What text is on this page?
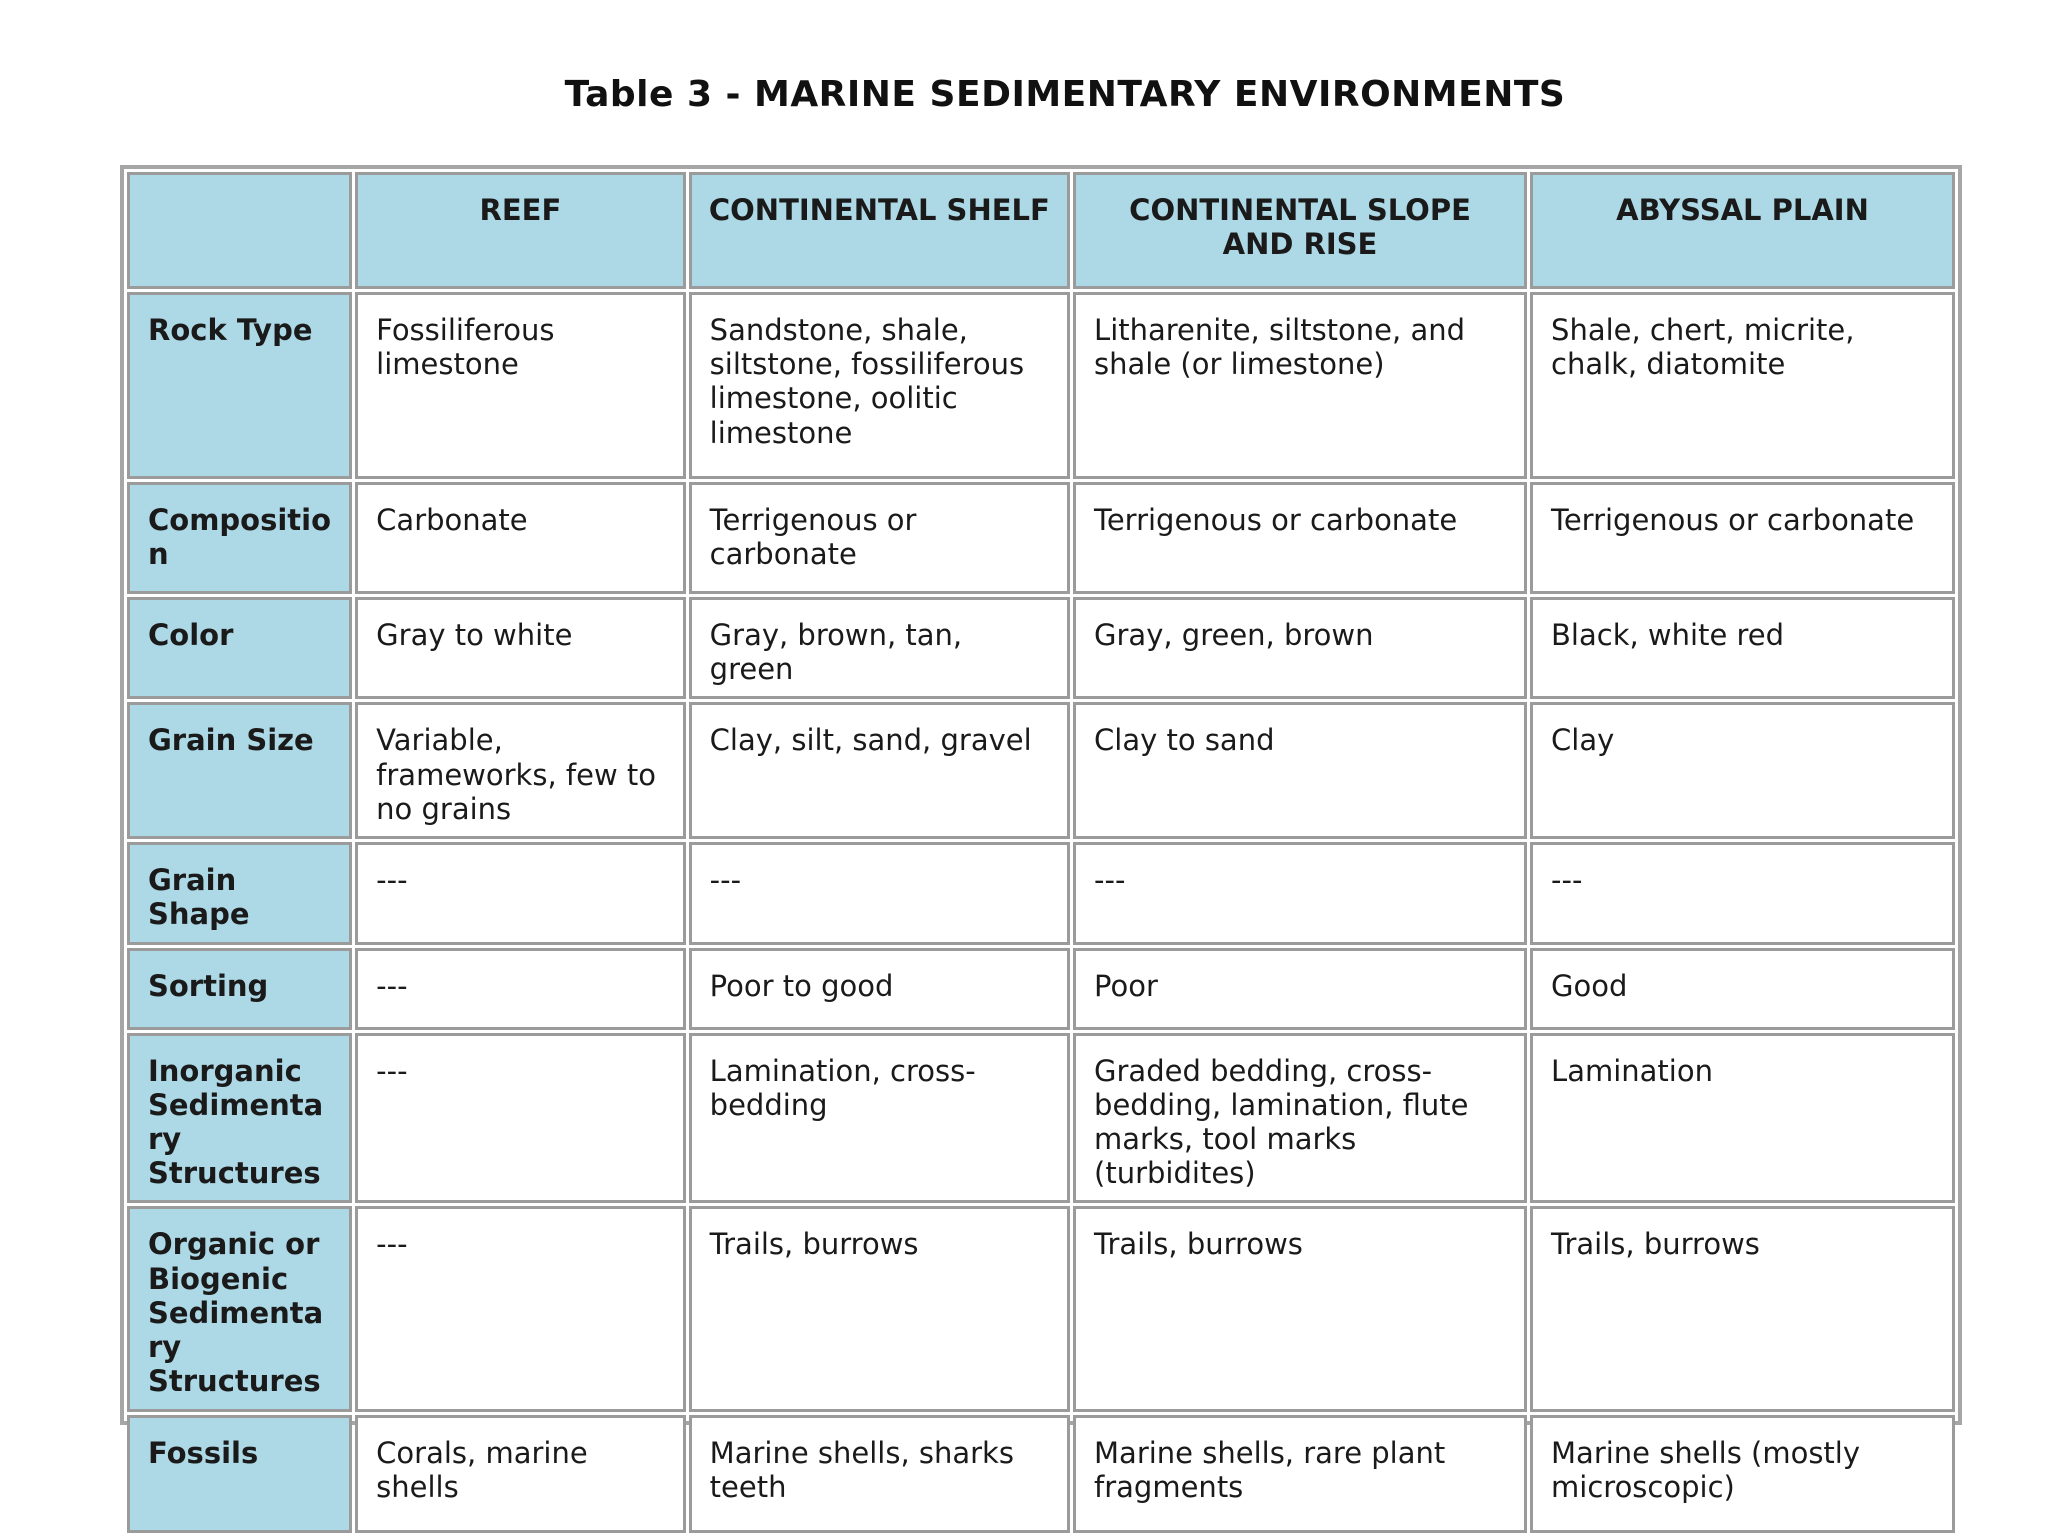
Table 3 - MARINE SEDIMENTARY ENVIRONMENTS
	REEF	CONTINENTAL SHELF	CONTINENTAL SLOPE AND RISE	ABYSSAL PLAIN
Rock Type	Fossiliferous limestone	Sandstone, shale, siltstone, fossiliferous limestone, oolitic limestone	Litharenite, siltstone, and shale (or limestone)	Shale, chert, micrite, chalk, diatomite
Composition	Carbonate	Terrigenous or carbonate	Terrigenous or carbonate	Terrigenous or carbonate
Color	Gray to white	Gray, brown, tan, green	Gray, green, brown	Black, white red
Grain Size	Variable, frameworks, few to no grains	Clay, silt, sand, gravel	Clay to sand	Clay
Grain Shape	---	---	---	---
Sorting	---	Poor to good	Poor	Good
Inorganic Sedimentary Structures	---	Lamination, cross-bedding	Graded bedding, cross-bedding, lamination, flute marks, tool marks (turbidites)	Lamination
Organic or Biogenic Sedimentary Structures	---	Trails, burrows	Trails, burrows	Trails, burrows
Fossils	Corals, marine shells	Marine shells, sharks teeth	Marine shells, rare plant fragments	Marine shells (mostly microscopic)
